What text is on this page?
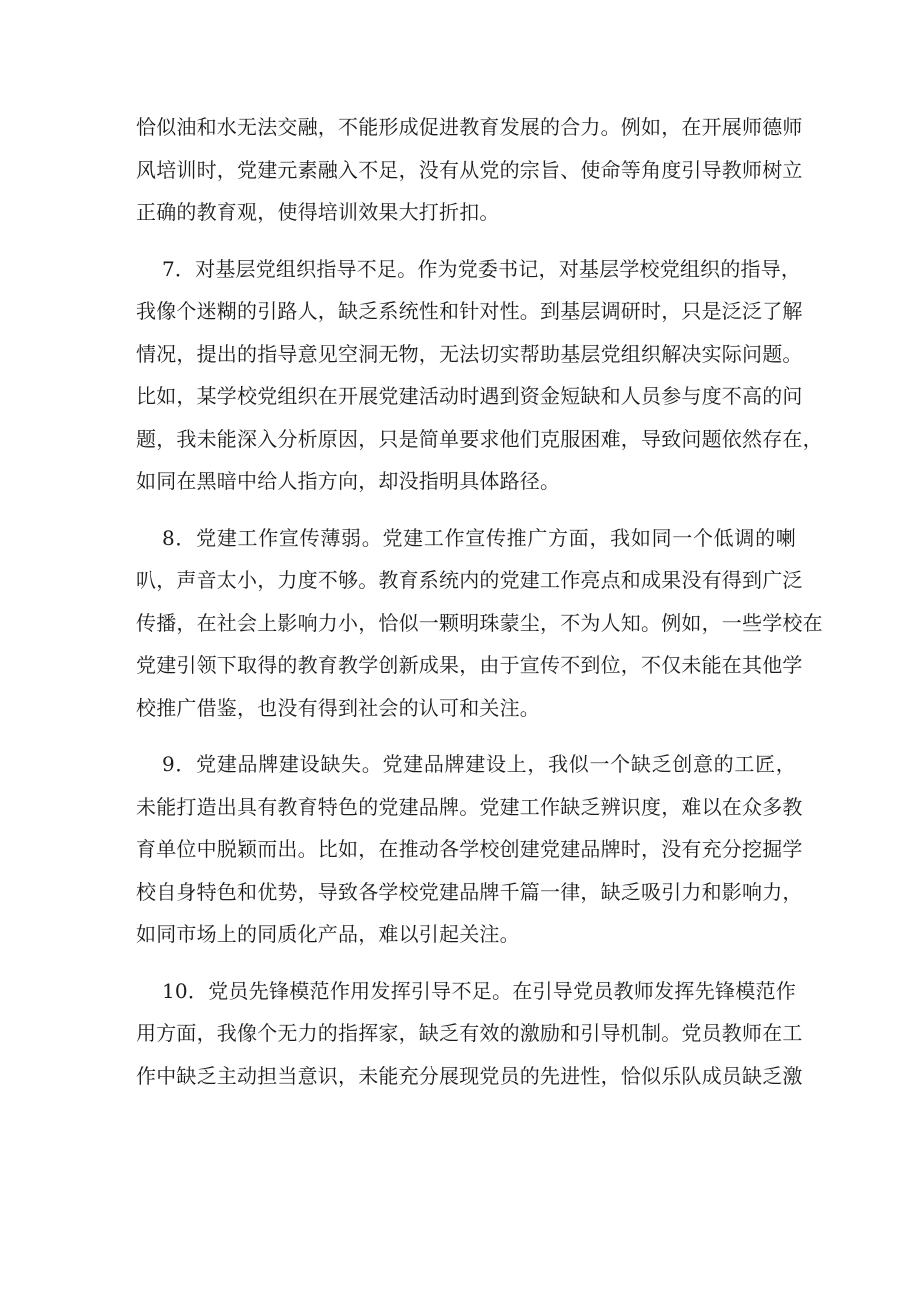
恰似油和水无法交融，不能形成促进教育发展的合力。例如，在开展师德师
风培训时，党建元素融入不足，没有从党的宗旨、使命等角度引导教师树立
正确的教育观，使得培训效果大打折扣。
7．对基层党组织指导不足。作为党委书记，对基层学校党组织的指导，
我像个迷糊的引路人，缺乏系统性和针对性。到基层调研时，只是泛泛了解
情况，提出的指导意见空洞无物，无法切实帮助基层党组织解决实际问题。
比如，某学校党组织在开展党建活动时遇到资金短缺和人员参与度不高的问
题，我未能深入分析原因，只是简单要求他们克服困难，导致问题依然存在，
如同在黑暗中给人指方向，却没指明具体路径。
8．党建工作宣传薄弱。党建工作宣传推广方面，我如同一个低调的喇
叭，声音太小，力度不够。教育系统内的党建工作亮点和成果没有得到广泛
传播，在社会上影响力小，恰似一颗明珠蒙尘，不为人知。例如，一些学校在
党建引领下取得的教育教学创新成果，由于宣传不到位，不仅未能在其他学
校推广借鉴，也没有得到社会的认可和关注。
9．党建品牌建设缺失。党建品牌建设上，我似一个缺乏创意的工匠，
未能打造出具有教育特色的党建品牌。党建工作缺乏辨识度，难以在众多教
育单位中脱颖而出。比如，在推动各学校创建党建品牌时，没有充分挖掘学
校自身特色和优势，导致各学校党建品牌千篇一律，缺乏吸引力和影响力，
如同市场上的同质化产品，难以引起关注。
10．党员先锋模范作用发挥引导不足。在引导党员教师发挥先锋模范作
用方面，我像个无力的指挥家，缺乏有效的激励和引导机制。党员教师在工
作中缺乏主动担当意识，未能充分展现党员的先进性，恰似乐队成员缺乏激
